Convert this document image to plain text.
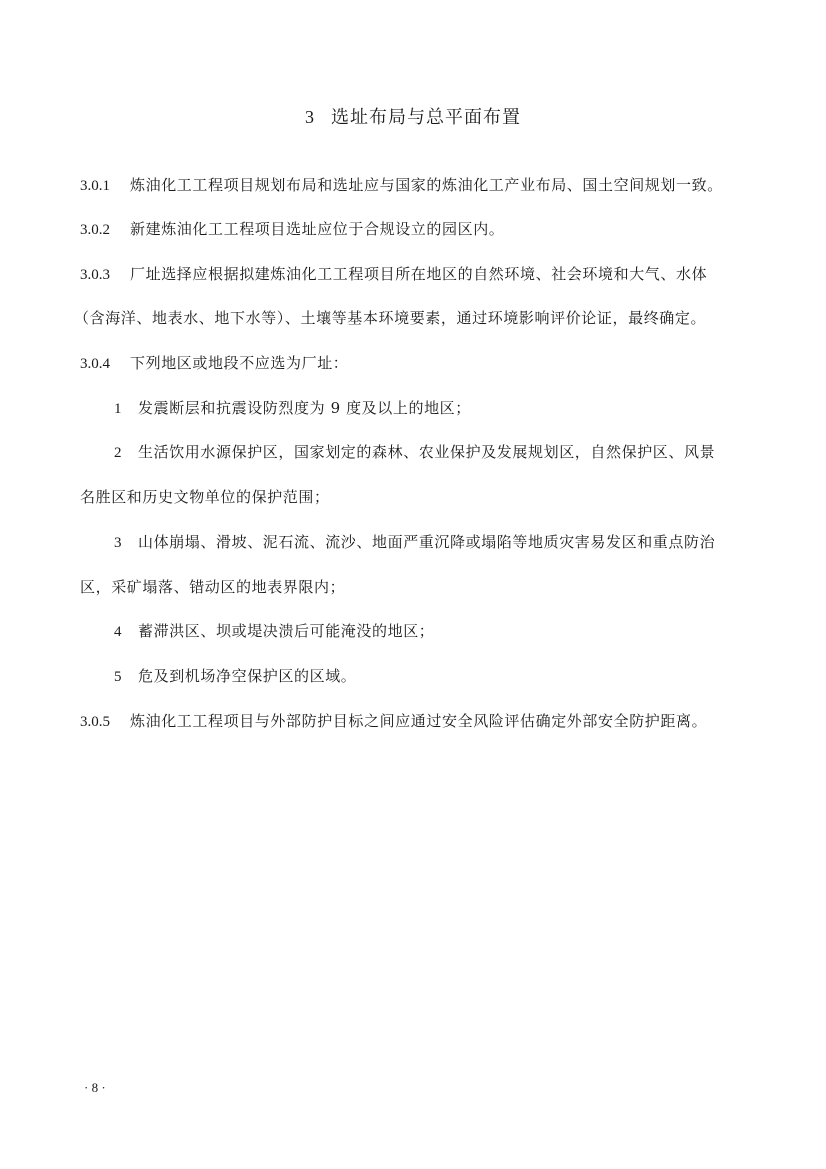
3 选址布局与总平面布置
3.0.1 炼油化工工程项目规划布局和选址应与国家的炼油化工产业布局、国土空间规划一致。
3.0.2 新建炼油化工工程项目选址应位于合规设立的园区内。
3.0.3 厂址选择应根据拟建炼油化工工程项目所在地区的自然环境、社会环境和大气、水体
（含海洋、地表水、地下水等）、土壤等基本环境要素，通过环境影响评价论证，最终确定。
3.0.4 下列地区或地段不应选为厂址：
1 发震断层和抗震设防烈度为 9 度及以上的地区；
2 生活饮用水源保护区，国家划定的森林、农业保护及发展规划区，自然保护区、风景
名胜区和历史文物单位的保护范围；
3 山体崩塌、滑坡、泥石流、流沙、地面严重沉降或塌陷等地质灾害易发区和重点防治
区，采矿塌落、错动区的地表界限内；
4 蓄滞洪区、坝或堤决溃后可能淹没的地区；
5 危及到机场净空保护区的区域。
3.0.5 炼油化工工程项目与外部防护目标之间应通过安全风险评估确定外部安全防护距离。
· 8 ·
